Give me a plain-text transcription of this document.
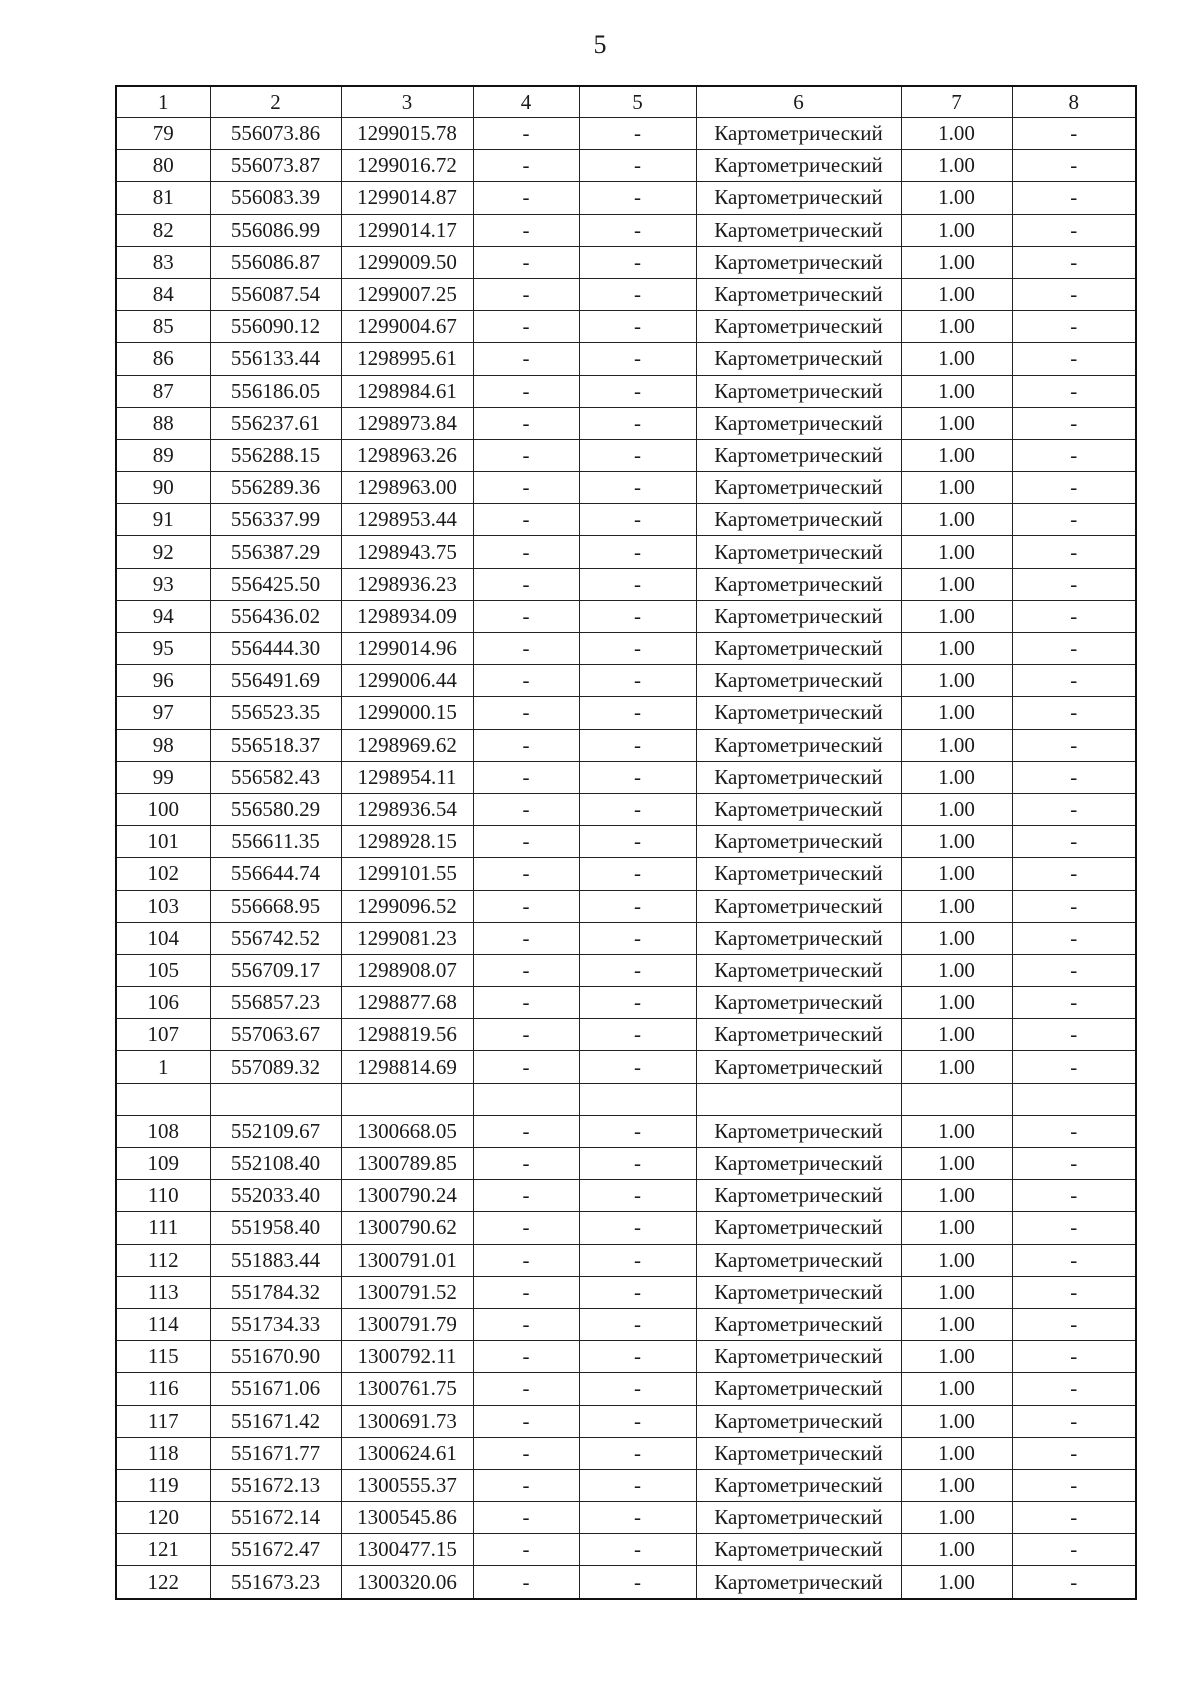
5
1	2	3	4	5	6	7	8
79	556073.86	1299015.78	-	-	Картометрический	1.00	-
80	556073.87	1299016.72	-	-	Картометрический	1.00	-
81	556083.39	1299014.87	-	-	Картометрический	1.00	-
82	556086.99	1299014.17	-	-	Картометрический	1.00	-
83	556086.87	1299009.50	-	-	Картометрический	1.00	-
84	556087.54	1299007.25	-	-	Картометрический	1.00	-
85	556090.12	1299004.67	-	-	Картометрический	1.00	-
86	556133.44	1298995.61	-	-	Картометрический	1.00	-
87	556186.05	1298984.61	-	-	Картометрический	1.00	-
88	556237.61	1298973.84	-	-	Картометрический	1.00	-
89	556288.15	1298963.26	-	-	Картометрический	1.00	-
90	556289.36	1298963.00	-	-	Картометрический	1.00	-
91	556337.99	1298953.44	-	-	Картометрический	1.00	-
92	556387.29	1298943.75	-	-	Картометрический	1.00	-
93	556425.50	1298936.23	-	-	Картометрический	1.00	-
94	556436.02	1298934.09	-	-	Картометрический	1.00	-
95	556444.30	1299014.96	-	-	Картометрический	1.00	-
96	556491.69	1299006.44	-	-	Картометрический	1.00	-
97	556523.35	1299000.15	-	-	Картометрический	1.00	-
98	556518.37	1298969.62	-	-	Картометрический	1.00	-
99	556582.43	1298954.11	-	-	Картометрический	1.00	-
100	556580.29	1298936.54	-	-	Картометрический	1.00	-
101	556611.35	1298928.15	-	-	Картометрический	1.00	-
102	556644.74	1299101.55	-	-	Картометрический	1.00	-
103	556668.95	1299096.52	-	-	Картометрический	1.00	-
104	556742.52	1299081.23	-	-	Картометрический	1.00	-
105	556709.17	1298908.07	-	-	Картометрический	1.00	-
106	556857.23	1298877.68	-	-	Картометрический	1.00	-
107	557063.67	1298819.56	-	-	Картометрический	1.00	-
1	557089.32	1298814.69	-	-	Картометрический	1.00	-

108	552109.67	1300668.05	-	-	Картометрический	1.00	-
109	552108.40	1300789.85	-	-	Картометрический	1.00	-
110	552033.40	1300790.24	-	-	Картометрический	1.00	-
111	551958.40	1300790.62	-	-	Картометрический	1.00	-
112	551883.44	1300791.01	-	-	Картометрический	1.00	-
113	551784.32	1300791.52	-	-	Картометрический	1.00	-
114	551734.33	1300791.79	-	-	Картометрический	1.00	-
115	551670.90	1300792.11	-	-	Картометрический	1.00	-
116	551671.06	1300761.75	-	-	Картометрический	1.00	-
117	551671.42	1300691.73	-	-	Картометрический	1.00	-
118	551671.77	1300624.61	-	-	Картометрический	1.00	-
119	551672.13	1300555.37	-	-	Картометрический	1.00	-
120	551672.14	1300545.86	-	-	Картометрический	1.00	-
121	551672.47	1300477.15	-	-	Картометрический	1.00	-
122	551673.23	1300320.06	-	-	Картометрический	1.00	-
